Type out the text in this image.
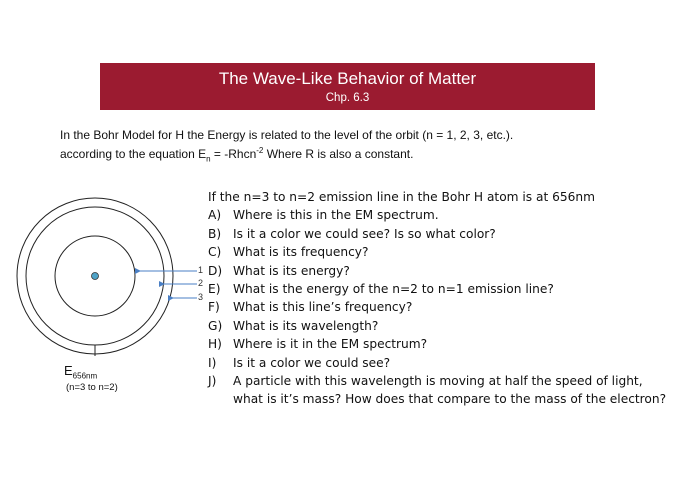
The Wave-Like Behavior of Matter
Chp. 6.3
In the Bohr Model for H the Energy is related to the level of the orbit (n = 1, 2, 3, etc.).
according to the equation $E_n$ = -Rhcn$^{-2}$ Where R is also a constant.
1
2
3
$E_{656nm}$
(n=3 to n=2)
If the n=3 to n=2 emission line in the Bohr H atom is at 656nm
A) Where is this in the EM spectrum.
B) Is it a color we could see? Is so what color?
C) What is its frequency?
D) What is its energy?
E)	What is the energy of the n=2 to n=1 emission line?
F)	What is this line’s frequency?
G) What is its wavelength?
H) Where is it in the EM spectrum?
I)	Is it a color we could see?
J)	A particle with this wavelength is moving at half the speed of light,
what is it’s mass? How does that compare to the mass of the electron?
